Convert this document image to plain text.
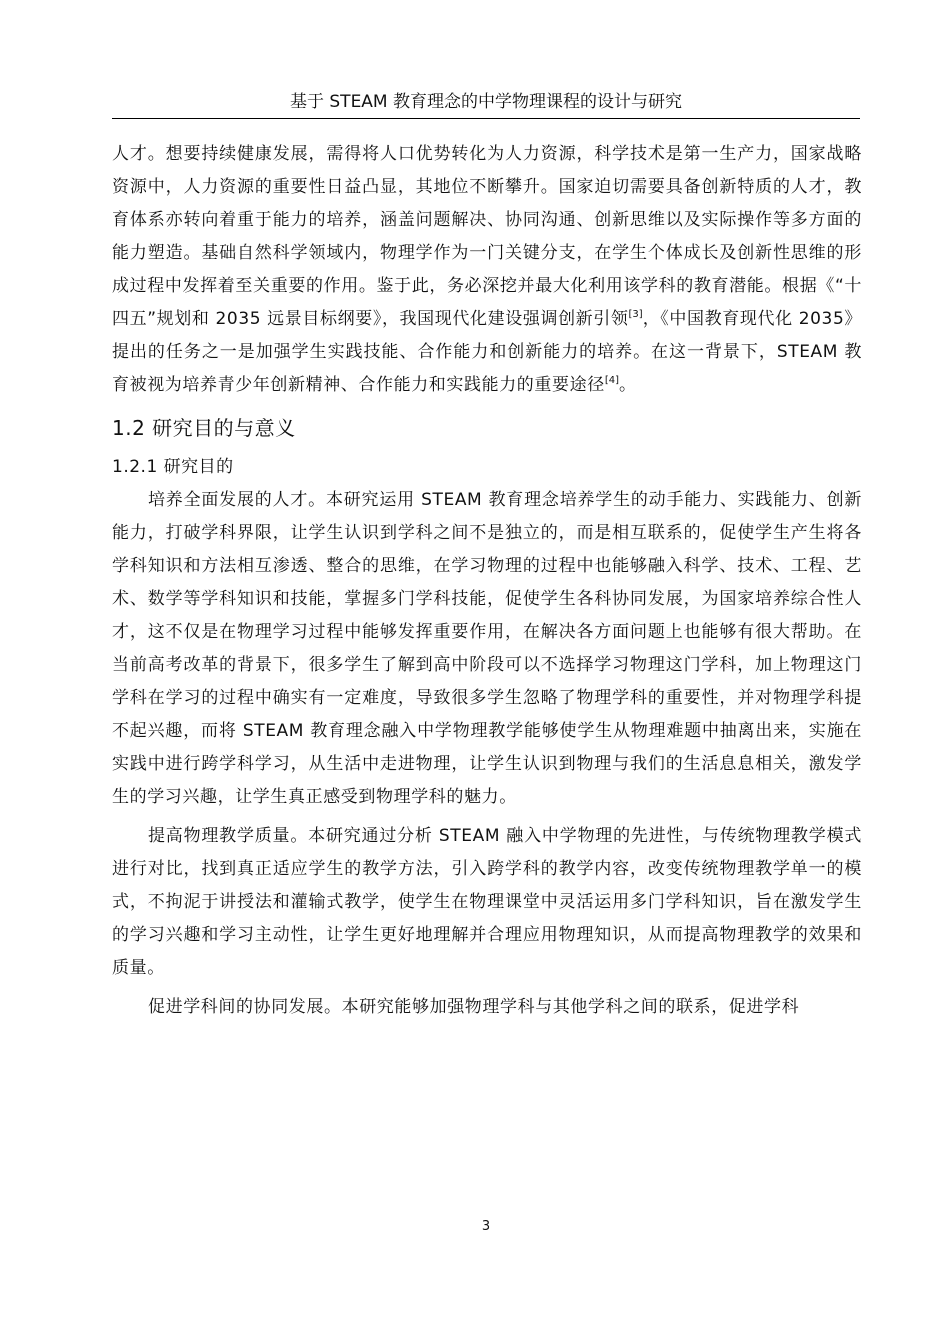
基于 STEAM 教育理念的中学物理课程的设计与研究

人才。想要持续健康发展，需得将人口优势转化为人力资源，科学技术是第一生产力，国家战略资源中，人力资源的重要性日益凸显，其地位不断攀升。国家迫切需要具备创新特质的人才，教育体系亦转向着重于能力的培养，涵盖问题解决、协同沟通、创新思维以及实际操作等多方面的能力塑造。基础自然科学领域内，物理学作为一门关键分支，在学生个体成长及创新性思维的形成过程中发挥着至关重要的作用。鉴于此，务必深挖并最大化利用该学科的教育潜能。根据《“十四五”规划和 2035 远景目标纲要》，我国现代化建设强调创新引领[3]，《中国教育现代化 2035》提出的任务之一是加强学生实践技能、合作能力和创新能力的培养。在这一背景下，STEAM 教育被视为培养青少年创新精神、合作能力和实践能力的重要途径[4]。

1.2 研究目的与意义
1.2.1 研究目的

培养全面发展的人才。本研究运用 STEAM 教育理念培养学生的动手能力、实践能力、创新能力，打破学科界限，让学生认识到学科之间不是独立的，而是相互联系的，促使学生产生将各学科知识和方法相互渗透、整合的思维，在学习物理的过程中也能够融入科学、技术、工程、艺术、数学等学科知识和技能，掌握多门学科技能，促使学生各科协同发展，为国家培养综合性人才，这不仅是在物理学习过程中能够发挥重要作用，在解决各方面问题上也能够有很大帮助。在当前高考改革的背景下，很多学生了解到高中阶段可以不选择学习物理这门学科，加上物理这门学科在学习的过程中确实有一定难度，导致很多学生忽略了物理学科的重要性，并对物理学科提不起兴趣，而将 STEAM 教育理念融入中学物理教学能够使学生从物理难题中抽离出来，实施在实践中进行跨学科学习，从生活中走进物理，让学生认识到物理与我们的生活息息相关，激发学生的学习兴趣，让学生真正感受到物理学科的魅力。

提高物理教学质量。本研究通过分析 STEAM 融入中学物理的先进性，与传统物理教学模式进行对比，找到真正适应学生的教学方法，引入跨学科的教学内容，改变传统物理教学单一的模式，不拘泥于讲授法和灌输式教学，使学生在物理课堂中灵活运用多门学科知识，旨在激发学生的学习兴趣和学习主动性，让学生更好地理解并合理应用物理知识，从而提高物理教学的效果和质量。

促进学科间的协同发展。本研究能够加强物理学科与其他学科之间的联系，促进学科

3
